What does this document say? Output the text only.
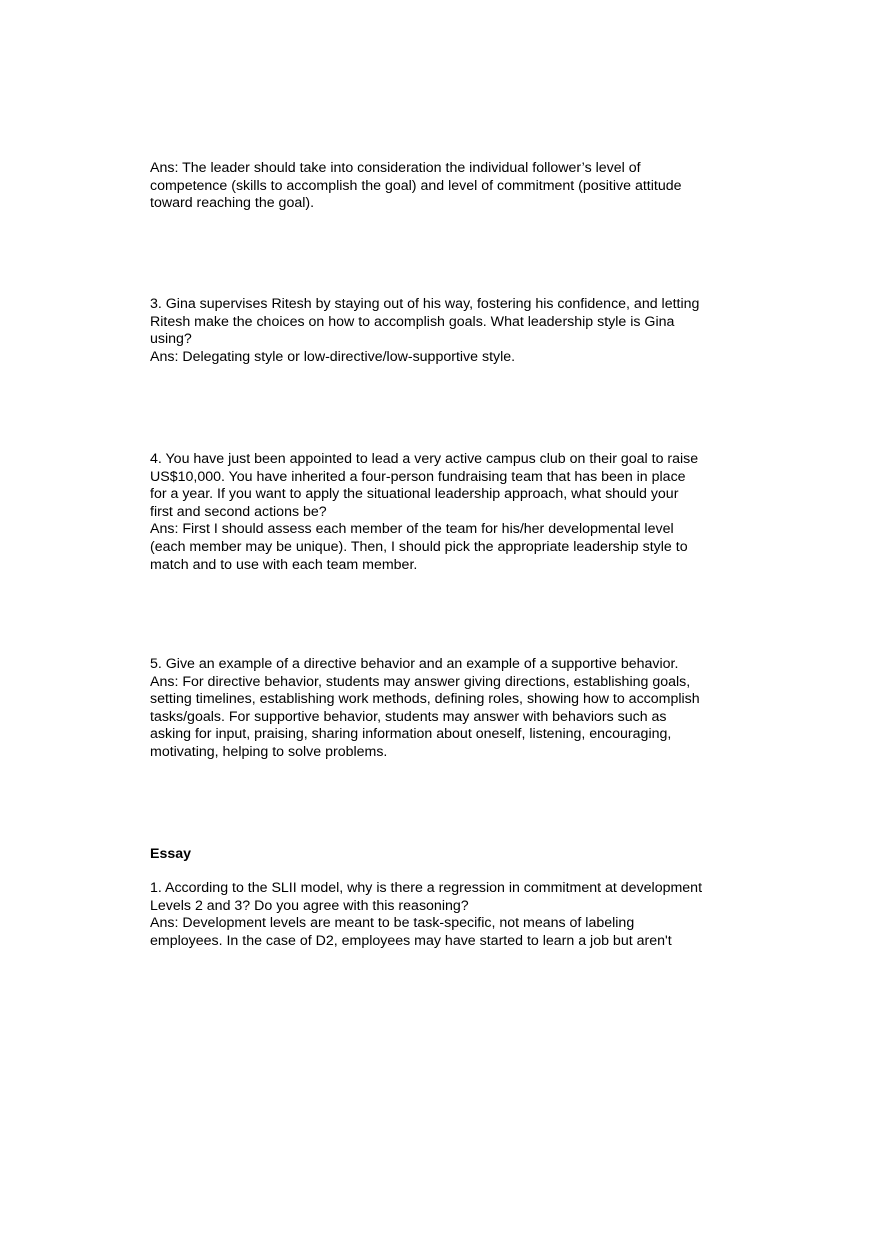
Ans: The leader should take into consideration the individual follower’s level of
competence (skills to accomplish the goal) and level of commitment (positive attitude
toward reaching the goal).

3. Gina supervises Ritesh by staying out of his way, fostering his confidence, and letting
Ritesh make the choices on how to accomplish goals. What leadership style is Gina
using?

Ans: Delegating style or low-directive/low-supportive style.

4. You have just been appointed to lead a very active campus club on their goal to raise
US$10,000. You have inherited a four-person fundraising team that has been in place
for a year. If you want to apply the situational leadership approach, what should your
first and second actions be?

Ans: First I should assess each member of the team for his/her developmental level
(each member may be unique). Then, I should pick the appropriate leadership style to
match and to use with each team member.

5. Give an example of a directive behavior and an example of a supportive behavior.

Ans: For directive behavior, students may answer giving directions, establishing goals,
setting timelines, establishing work methods, defining roles, showing how to accomplish
tasks/goals. For supportive behavior, students may answer with behaviors such as
asking for input, praising, sharing information about oneself, listening, encouraging,
motivating, helping to solve problems.

Essay

1. According to the SLII model, why is there a regression in commitment at development
Levels 2 and 3? Do you agree with this reasoning?

Ans: Development levels are meant to be task-specific, not means of labeling
employees. In the case of D2, employees may have started to learn a job but aren't
